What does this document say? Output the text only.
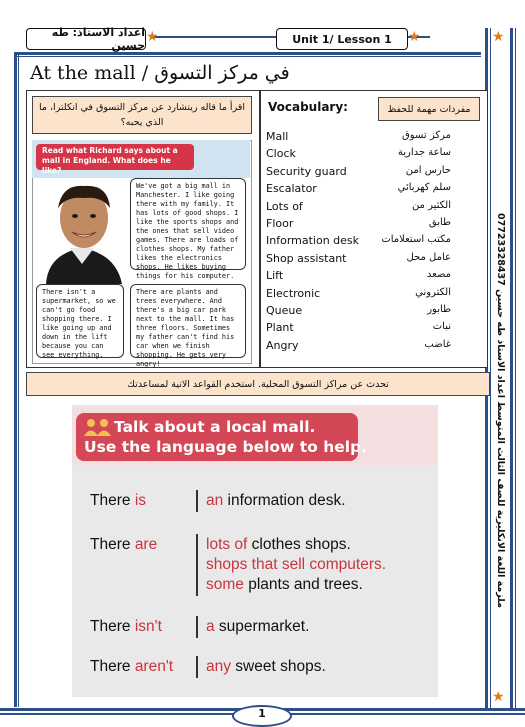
اعداد الاستاذ: طه حسين
★	Unit 1/ Lesson 1	★	★
★
ملزمة اللغة الانكليزية للصف الثالث المتوسط اعداد الاستاذ طه حسين 07723328437
At the mall / في مركز التسوق
اقرأ ما قاله ريتشارد عن مركز التسوق في انكلترا، ما الذي يحبه؟
Read what Richard says about a mall in England. What does he like?
We've got a big mall in Manchester. I like going there with my family. It has lots of good shops. I like the sports shops and the ones that sell video games. There are loads of clothes shops. My father likes the electronics shops. He likes buying things for his computer.
There isn't a supermarket, so we can't go food shopping there. I like going up and down in the lift because you can see everything.
There are plants and trees everywhere. And there's a big car park next to the mall. It has three floors. Sometimes my father can't find his car when we finish shopping. He gets very angry!
Vocabulary:	مفردات مهمة للحفظ
Mall	مركز تسوق
Clock	ساعة جدارية
Security guard	حارس امن
Escalator	سلم كهربائي
Lots of	الكثير من
Floor	طابق
Information desk مكتب استعلامات
Shop assistant	عامل محل
Lift	مصعد
Electronic	الكتروني
Queue	طابور
Plant	نبات
Angry	غاضب
تحدث عن مراكز التسوق المحلية. استخدم القواعد الاتية لمساعدتك
Talk about a local mall.
Use the language below to help.
There is	an information desk.
There are	lots of clothes shops.
shops that sell computers.
some plants and trees.
There isn't	a supermarket.
There aren't any sweet shops.
1
